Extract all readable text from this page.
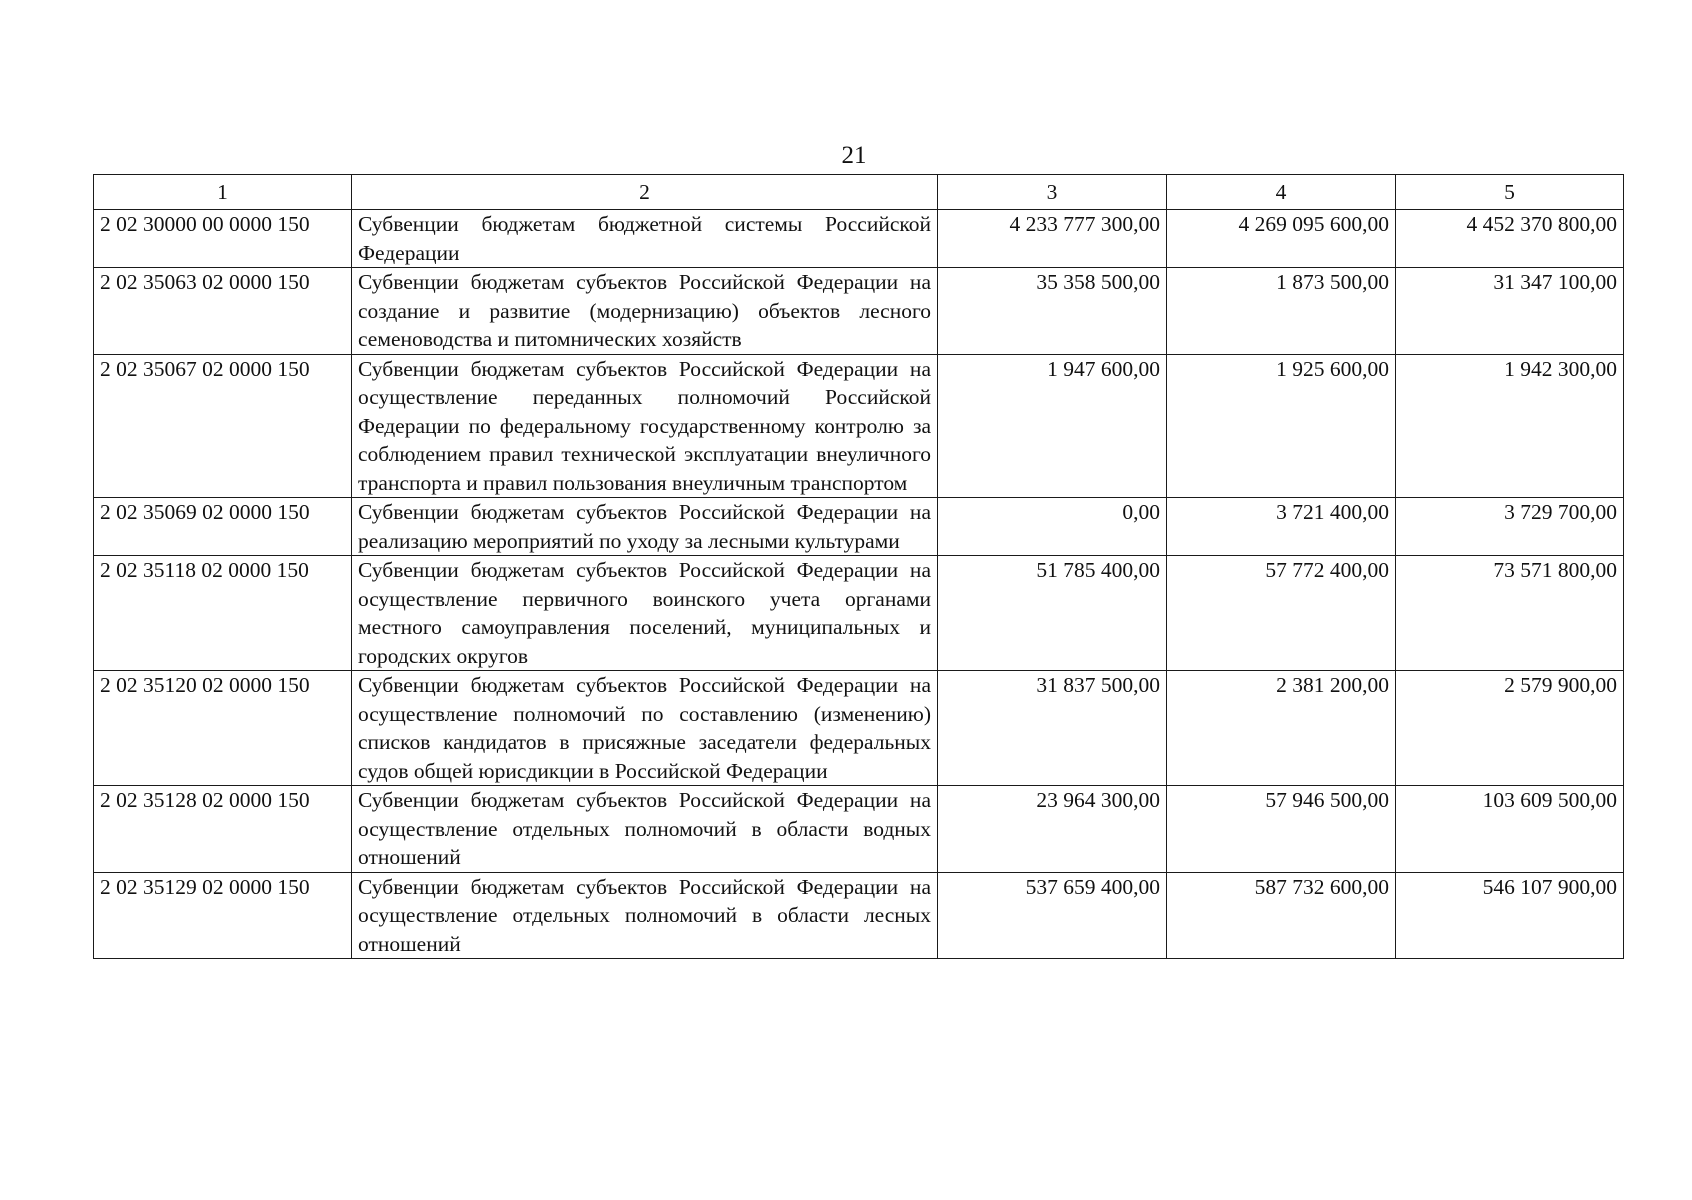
21
1	2	3	4	5
2 02 30000 00 0000 150	Субвенции бюджетам бюджетной системы Российской Федерации	4 233 777 300,00	4 269 095 600,00	4 452 370 800,00
2 02 35063 02 0000 150	Субвенции бюджетам субъектов Российской Федерации на создание и развитие (модернизацию) объектов лесного семеноводства и питомнических хозяйств	35 358 500,00	1 873 500,00	31 347 100,00
2 02 35067 02 0000 150	Субвенции бюджетам субъектов Российской Федерации на осуществление переданных полномочий Российской Федерации по федеральному государственному контролю за соблюдением правил технической эксплуатации внеуличного транспорта и правил пользования внеуличным транспортом	1 947 600,00	1 925 600,00	1 942 300,00
2 02 35069 02 0000 150	Субвенции бюджетам субъектов Российской Федерации на реализацию мероприятий по уходу за лесными культурами	0,00	3 721 400,00	3 729 700,00
2 02 35118 02 0000 150	Субвенции бюджетам субъектов Российской Федерации на осуществление первичного воинского учета органами местного самоуправления поселений, муниципальных и городских округов	51 785 400,00	57 772 400,00	73 571 800,00
2 02 35120 02 0000 150	Субвенции бюджетам субъектов Российской Федерации на осуществление полномочий по составлению (изменению) списков кандидатов в присяжные заседатели федеральных судов общей юрисдикции в Российской Федерации	31 837 500,00	2 381 200,00	2 579 900,00
2 02 35128 02 0000 150	Субвенции бюджетам субъектов Российской Федерации на осуществление отдельных полномочий в области водных отношений	23 964 300,00	57 946 500,00	103 609 500,00
2 02 35129 02 0000 150	Субвенции бюджетам субъектов Российской Федерации на осуществление отдельных полномочий в области лесных отношений	537 659 400,00	587 732 600,00	546 107 900,00
